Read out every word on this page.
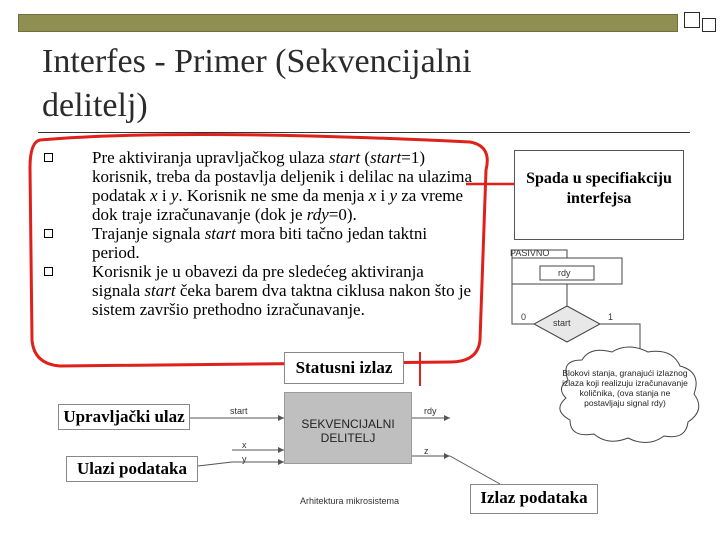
Interfes - Primer (Sekvencijalni
delitelj)
Pre aktiviranja upravljačkog ulaza start (start=1) korisnik, treba da postavlja deljenik i delilac na ulazima podatak x i y. Korisnik ne sme da menja x i y za vreme dok traje izračunavanje (dok je rdy=0).
Trajanje signala start mora biti tačno jedan taktni period.
Korisnik je u obavezi da pre sledećeg aktiviranja signala start čeka barem dva taktna ciklusa nakon što je sistem završio prethodno izračunavanje.
PASIVNO
rdy
start
0	1
Blokovi stanja, granajući izlaznog izlaza koji realizuju izračunavanje količnika, (ova stanja ne postavljaju signal rdy)
SEKVENCIJALNI
DELITELJ
start
x
y
rdy
z
Spada u specifiakciju interfejsa
Statusni izlaz
Upravljački ulaz
Ulazi podataka
Izlaz podataka
Arhitektura mikrosistema
